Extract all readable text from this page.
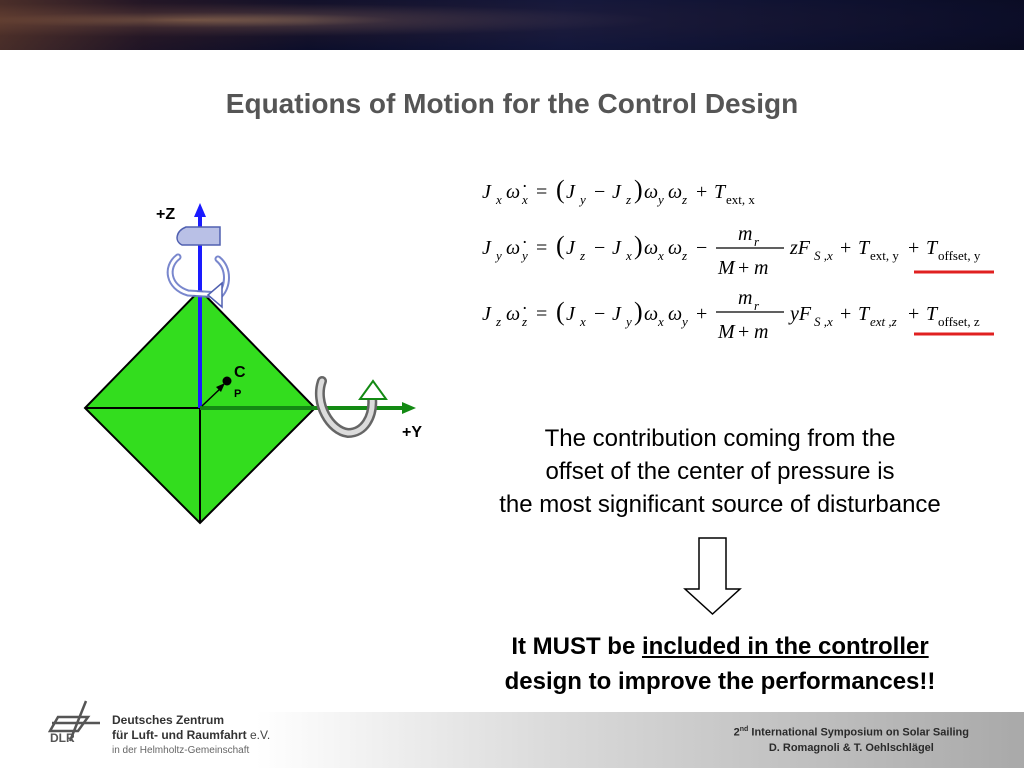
Equations of Motion for the Control Design
+Z
+Y
C
P
J x ω̇ x = ( J y − J z ) ω y ω z + T ext, x
J y ω̇ y = ( J z − J x ) ω x ω z −
m r
M + m
zF S ,x + T ext, y + T offset, y
J z ω̇ z = ( J x − J y ) ω x ω y +
m r
M + m
yF S ,x + T ext ,z + T offset, z
The contribution coming from the
offset of the center of pressure is
the most significant source of disturbance
It MUST be included in the controller
design to improve the performances!!
DLR
Deutsches Zentrum
für Luft- und Raumfahrt e.V.
in der Helmholtz-Gemeinschaft
2nd International Symposium on Solar Sailing
D. Romagnoli & T. Oehlschlägel
